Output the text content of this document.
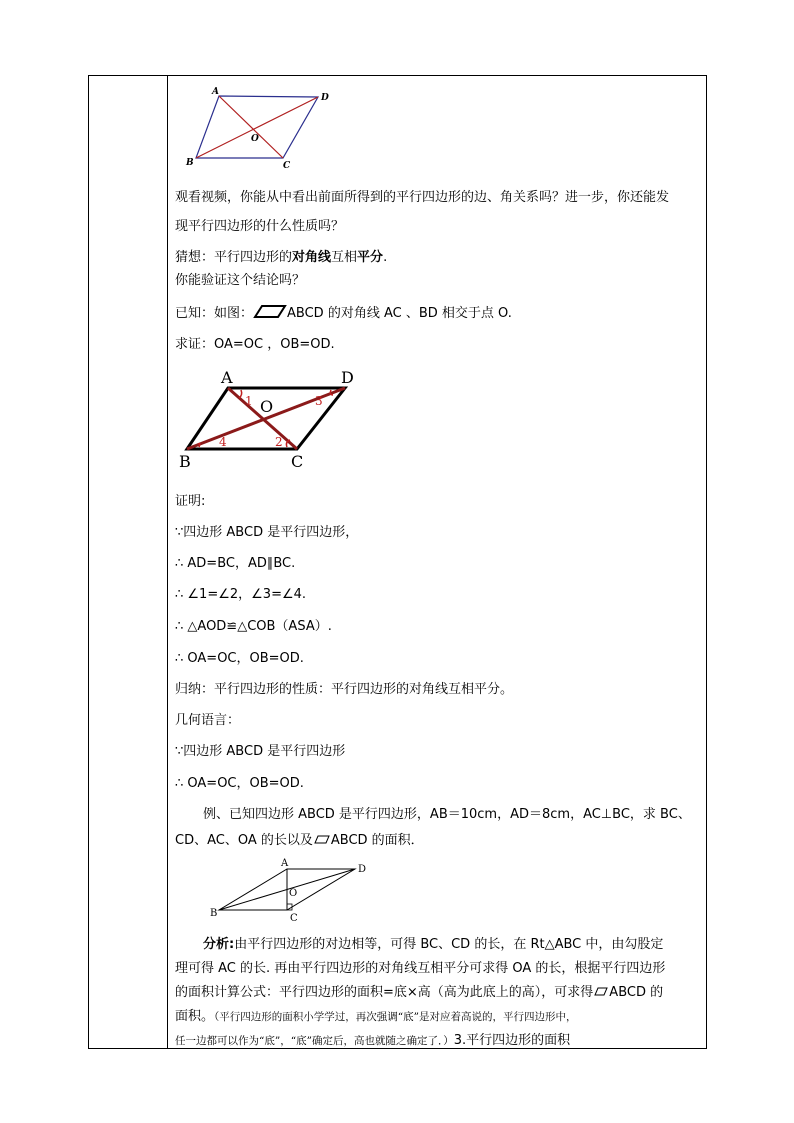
A
D
B	C
O
观看视频，你能从中看出前面所得到的平行四边形的边、角关系吗？进一步，你还能发
现平行四边形的什么性质吗？
猜想：平行四边形的对角线互相平分.
你能验证这个结论吗？
已知：如图：	ABCD 的对角线 AC 、BD 相交于点 O.
求证：OA=OC ，OB=OD.
A	D
B	C
O
1
2
3
4
证明:
∵四边形 ABCD 是平行四边形，
∴ AD=BC，AD∥BC.
∴ ∠1=∠2，∠3=∠4.
∴ △AOD≌△COB（ASA）.
∴ OA=OC，OB=OD.
归纳：平行四边形的性质：平行四边形的对角线互相平分。
几何语言：
∵四边形 ABCD 是平行四边形
∴ OA=OC，OB=OD.
例、已知四边形 ABCD 是平行四边形，AB＝10cm，AD＝8cm，AC⊥BC，求 BC、
CD、AC、OA 的长以及 ABCD 的面积．
A
D
B	C
O
分析:由平行四边形的对边相等，可得 BC、CD 的长，在 Rt△ABC 中，由勾股定
理可得 AC 的长. 再由平行四边形的对角线互相平分可求得 OA 的长，根据平行四边形
的面积计算公式：平行四边形的面积=底×高（高为此底上的高），可求得 ABCD 的
面积。（平行四边形的面积小学学过，再次强调“底”是对应着高说的，平行四边形中，
任一边都可以作为“底”，“底”确定后，高也就随之确定了．）3.平行四边形的面积
